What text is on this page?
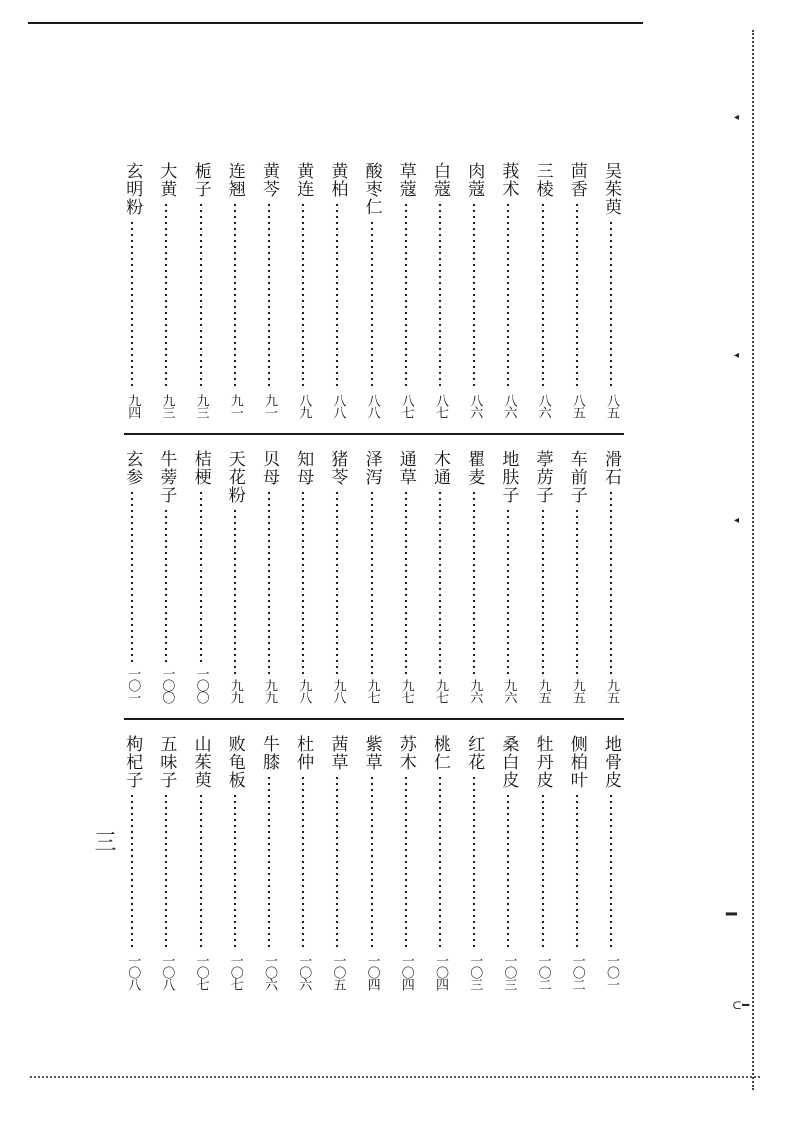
吴茱萸
八五
茴香
八五
三棱
八六
莪术
八六
肉蔻
八六
白蔻
八七
草蔻
八七
酸枣仁
八八
黄柏
八八
黄连
八九
黄芩
九一
连翘
九一
栀子
九三
大黄
九三
玄明粉
九四
滑石
九五
车前子
九五
葶苈子
九五
地肤子
九六
瞿麦
九六
木通
九七
通草
九七
泽泻
九七
猪苓
九八
知母
九八
贝母
九九
天花粉
九九
桔梗
一〇〇
牛蒡子
一〇〇
玄参
一〇一
地骨皮
一〇一
侧柏叶
一〇二
牡丹皮
一〇二
桑白皮
一〇三
红花
一〇三
桃仁
一〇四
苏木
一〇四
紫草
一〇四
茜草
一〇五
杜仲
一〇六
牛膝
一〇六
败龟板
一〇七
山茱萸
一〇七
五味子
一〇八
枸杞子
一〇八
三
◂
◂
◂
━
⊂━
